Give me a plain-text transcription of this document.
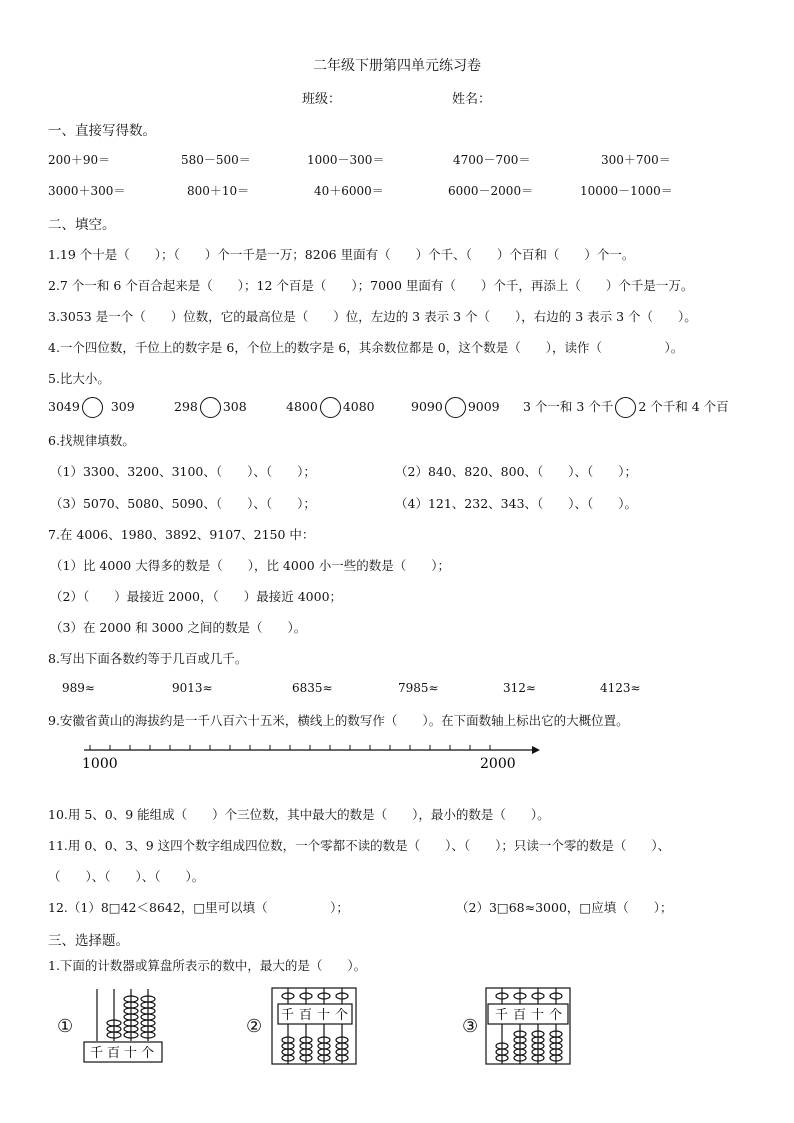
二年级下册第四单元练习卷
班级：	姓名：
一、直接写得数。
200＋90＝	580－500＝	1000－300＝	4700－700＝	300＋700＝
3000＋300＝	800＋10＝	40＋6000＝	6000－2000＝	10000－1000＝
二、填空。
1.19 个十是（　　）；（　　）个一千是一万；8206 里面有（　　）个千、（　　）个百和（　　）个一。
2.7 个一和 6 个百合起来是（　　）；12 个百是（　　）；7000 里面有（　　）个千，再添上（　　）个千是一万。
3.3053 是一个（　　）位数，它的最高位是（　　）位，左边的 3 表示 3 个（　　），右边的 3 表示 3 个（　　）。
4.一个四位数，千位上的数字是 6，个位上的数字是 6，其余数位都是 0，这个数是（　　），读作（　　　　　）。
5.比大小。
3049 309	298 308	4800 4080	9090 9009 3 个一和 3 个千 2 个千和 4 个百
6.找规律填数。
（1）3300、3200、3100、（　　）、（　　）；	（2）840、820、800、（　　）、（　　）；
（3）5070、5080、5090、（　　）、（　　）；	（4）121、232、343、（　　）、（　　）。
7.在 4006、1980、3892、9107、2150 中：
（1）比 4000 大得多的数是（　　），比 4000 小一些的数是（　　）；
（2）（　　）最接近 2000，（　　）最接近 4000；
（3）在 2000 和 3000 之间的数是（　　）。
8.写出下面各数约等于几百或几千。
989≈	9013≈	6835≈	7985≈	312≈	4123≈
9.安徽省黄山的海拔约是一千八百六十五米，横线上的数写作（　　）。在下面数轴上标出它的大概位置。
1000	2000
10.用 5、0、9 能组成（　　）个三位数，其中最大的数是（　　），最小的数是（　　）。
11.用 0、0、3、9 这四个数字组成四位数，一个零都不读的数是（　　）、（　　）；只读一个零的数是（　　）、
（　　）、（　　）、（　　）。
12.（1）8□42＜8642，□里可以填（　　　　　）；	（2）3□68≈3000，□应填（　　）；
三、选择题。
1.下面的计数器或算盘所表示的数中，最大的是（　　）。
①
千 百 十 个
②
千 百 十 个
③
千 百 十 个
